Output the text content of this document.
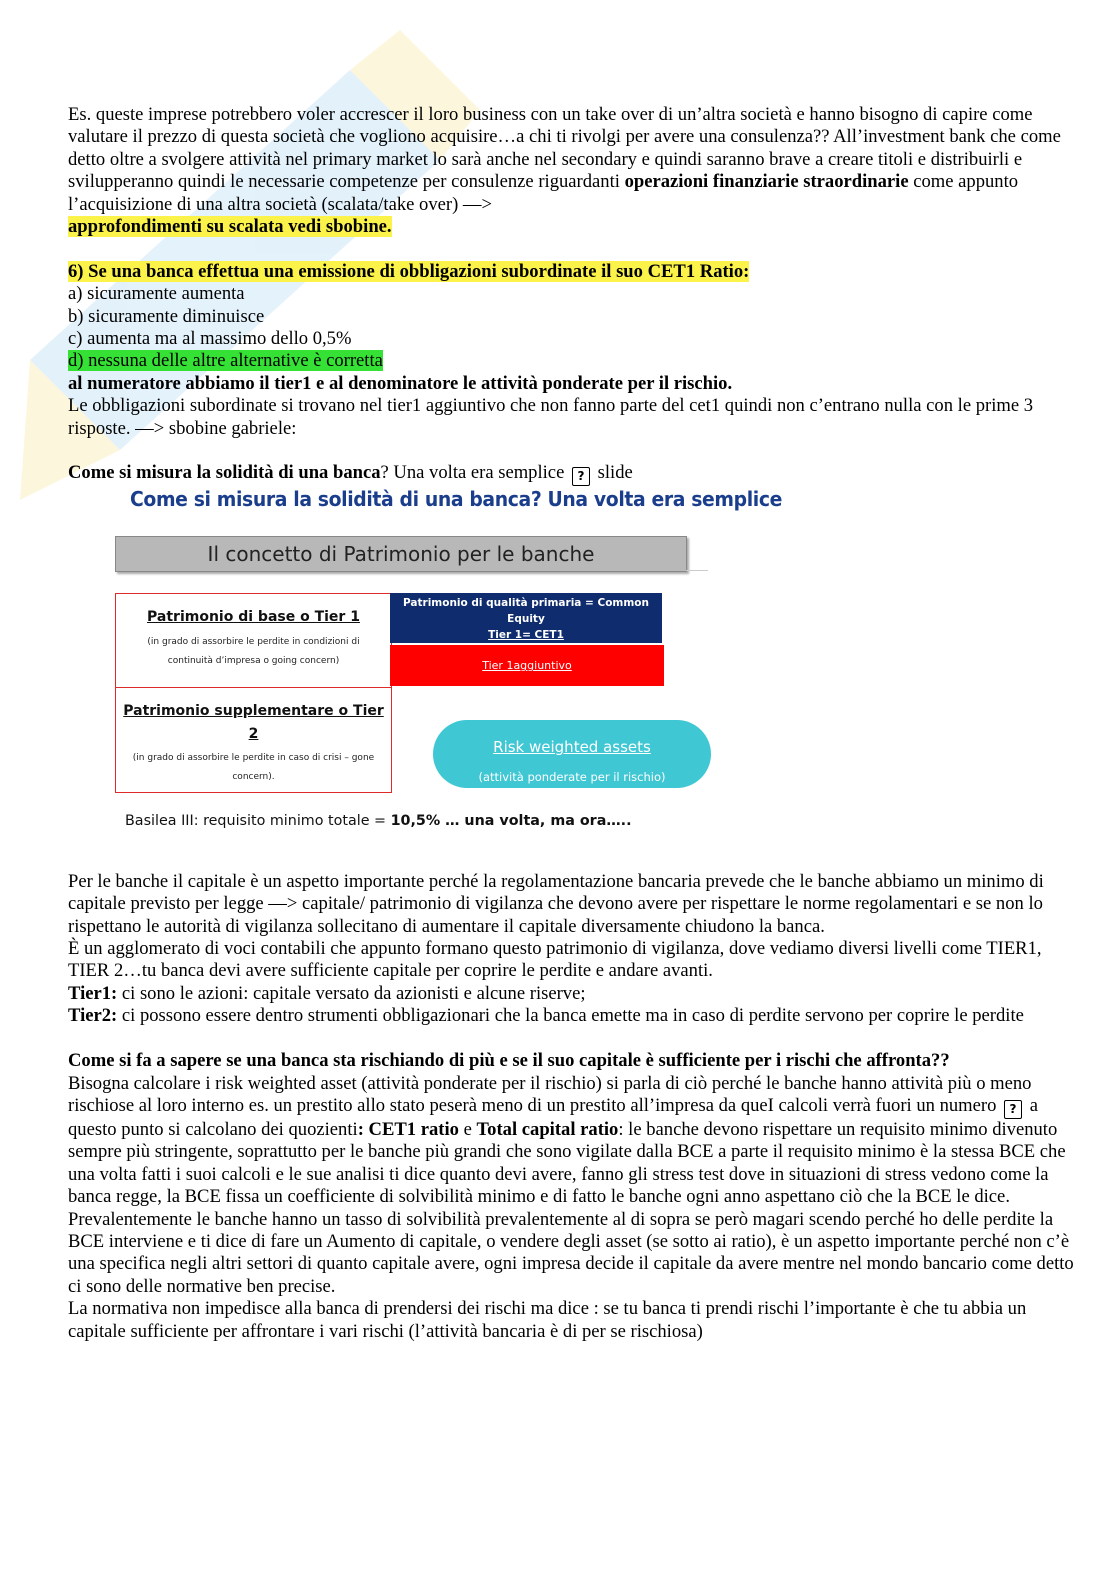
Es. queste imprese potrebbero voler accrescer il loro business con un take over di un’altra società e hanno bisogno di capire come valutare il prezzo di questa società che vogliono acquisire…a chi ti rivolgi per avere una consulenza?? All’investment bank che come detto oltre a svolgere attività nel primary market lo sarà anche nel secondary e quindi saranno brave a creare titoli e distribuirli e svilupperanno quindi le necessarie competenze per consulenze riguardanti operazioni finanziarie straordinarie come appunto l’acquisizione di una altra società (scalata/take over) —>
approfondimenti su scalata vedi sbobine.

6) Se una banca effettua una emissione di obbligazioni subordinate il suo CET1 Ratio:

a) sicuramente aumenta

b) sicuramente diminuisce

c) aumenta ma al massimo dello 0,5%

d) nessuna delle altre alternative è corretta

al numeratore abbiamo il tier1 e al denominatore le attività ponderate per il rischio.

Le obbligazioni subordinate si trovano nel tier1 aggiuntivo che non fanno parte del cet1 quindi non c’entrano nulla con le prime 3 risposte. —> sbobine gabriele:

Come si misura la solidità di una banca? Una volta era semplice ? slide

Come si misura la solidità di una banca? Una volta era semplice
Il concetto di Patrimonio per le banche
Patrimonio di base o Tier 1
(in grado di assorbire le perdite in condizioni di continuità d’impresa o going concern)
Patrimonio supplementare o Tier 2
(in grado di assorbire le perdite in caso di crisi – gone concern).
Patrimonio di qualità primaria = Common Equity
Tier 1= CET1
Tier 1aggiuntivo
Risk weighted assets
(attività ponderate per il rischio)
Basilea III: requisito minimo totale = 10,5% … una volta, ma ora…..

Per le banche il capitale è un aspetto importante perché la regolamentazione bancaria prevede che le banche abbiamo un minimo di capitale previsto per legge —> capitale/ patrimonio di vigilanza che devono avere per rispettare le norme regolamentari e se non lo rispettano le autorità di vigilanza sollecitano di aumentare il capitale diversamente chiudono la banca.

È un agglomerato di voci contabili che appunto formano questo patrimonio di vigilanza, dove vediamo diversi livelli come TIER1, TIER 2…tu banca devi avere sufficiente capitale per coprire le perdite e andare avanti.

Tier1: ci sono le azioni: capitale versato da azionisti e alcune riserve;

Tier2: ci possono essere dentro strumenti obbligazionari che la banca emette ma in caso di perdite servono per coprire le perdite

Come si fa a sapere se una banca sta rischiando di più e se il suo capitale è sufficiente per i rischi che affronta??

Bisogna calcolare i risk weighted asset (attività ponderate per il rischio) si parla di ciò perché le banche hanno attività più o meno rischiose al loro interno es. un prestito allo stato peserà meno di un prestito all’impresa da queI calcoli verrà fuori un numero ? a questo punto si calcolano dei quozienti: CET1 ratio e Total capital ratio: le banche devono rispettare un requisito minimo divenuto sempre più stringente, soprattutto per le banche più grandi che sono vigilate dalla BCE a parte il requisito minimo è la stessa BCE che una volta fatti i suoi calcoli e le sue analisi ti dice quanto devi avere, fanno gli stress test dove in situazioni di stress vedono come la banca regge, la BCE fissa un coefficiente di solvibilità minimo e di fatto le banche ogni anno aspettano ciò che la BCE le dice.

Prevalentemente le banche hanno un tasso di solvibilità prevalentemente al di sopra se però magari scendo perché ho delle perdite la BCE interviene e ti dice di fare un Aumento di capitale, o vendere degli asset (se sotto ai ratio), è un aspetto importante perché non c’è una specifica negli altri settori di quanto capitale avere, ogni impresa decide il capitale da avere mentre nel mondo bancario come detto ci sono delle normative ben precise.

La normativa non impedisce alla banca di prendersi dei rischi ma dice : se tu banca ti prendi rischi l’importante è che tu abbia un capitale sufficiente per affrontare i vari rischi (l’attività bancaria è di per se rischiosa)
